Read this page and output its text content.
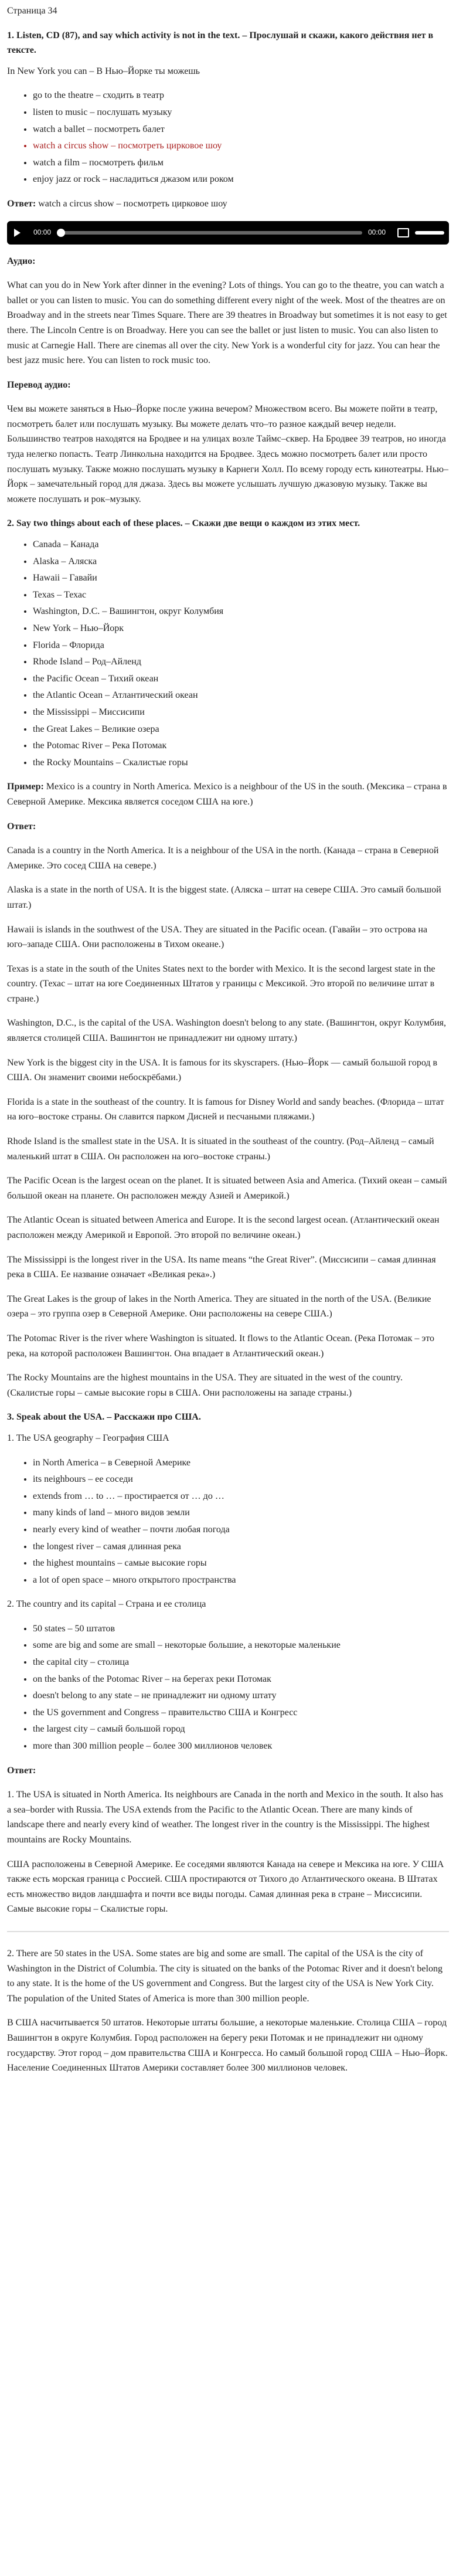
Страница 34
1. Listen, CD (87), and say which activity is not in the text. – Прослушай и скажи, какого действия нет в тексте.

In New York you can – В Нью–Йорке ты можешь

• go to the theatre – сходить в театр
• listen to music – послушать музыку
• watch a ballet – посмотреть балет
• watch a circus show – посмотреть цирковое шоу
• watch a film – посмотреть фильм
• enjoy jazz or rock – насладиться джазом или роком

Ответ: watch a circus show – посмотреть цирковое шоу

00:00	00:00

Аудио:

What can you do in New York after dinner in the evening? Lots of things. You can go to the theatre, you can watch a ballet or you can listen to music. You can do something different every night of the week. Most of the theatres are on Broadway and in the streets near Times Square. There are 39 theatres in Broadway but sometimes it is not easy to get there. The Lincoln Centre is on Broadway. Here you can see the ballet or just listen to music. You can also listen to music at Carnegie Hall. There are cinemas all over the city. New York is a wonderful city for jazz. You can hear the best jazz music here. You can listen to rock music too.

Перевод аудио:

Чем вы можете заняться в Нью–Йорке после ужина вечером? Множеством всего. Вы можете пойти в театр, посмотреть балет или послушать музыку. Вы можете делать что–то разное каждый вечер недели. Большинство театров находятся на Бродвее и на улицах возле Таймс–сквер. На Бродвее 39 театров, но иногда туда нелегко попасть. Театр Линкольна находится на Бродвее. Здесь можно посмотреть балет или просто послушать музыку. Также можно послушать музыку в Карнеги Холл. По всему городу есть кинотеатры. Нью–Йорк – замечательный город для джаза. Здесь вы можете услышать лучшую джазовую музыку. Также вы можете послушать и рок–музыку.

2. Say two things about each of these places. – Скажи две вещи о каждом из этих мест.
• Canada – Канада
• Alaska – Аляска
• Hawaii – Гавайи
• Texas – Техас
• Washington, D.C. – Вашингтон, округ Колумбия
• New York – Нью–Йорк
• Florida – Флорида
• Rhode Island – Род–Айленд
• the Pacific Ocean – Тихий океан
• the Atlantic Ocean – Атлантический океан
• the Mississippi – Миссисипи
• the Great Lakes – Великие озера
• the Potomac River – Река Потомак
• the Rocky Mountains – Скалистые горы

Пример: Mexico is a country in North America. Mexico is a neighbour of the US in the south. (Мексика – страна в Северной Америке. Мексика является соседом США на юге.)

Ответ:

Canada is a country in the North America. It is a neighbour of the USA in the north. (Канада – страна в Северной Америке. Это сосед США на севере.)

Alaska is a state in the north of USA. It is the biggest state. (Аляска – штат на севере США. Это самый большой штат.)

Hawaii is islands in the southwest of the USA. They are situated in the Pacific ocean. (Гавайи – это острова на юго–западе США. Они расположены в Тихом океане.)

Texas is a state in the south of the Unites States next to the border with Mexico. It is the second largest state in the country. (Техас – штат на юге Соединенных Штатов у границы с Мексикой. Это второй по величине штат в стране.)

Washington, D.C., is the capital of the USA. Washington doesn't belong to any state. (Вашингтон, округ Колумбия, является столицей США. Вашингтон не принадлежит ни одному штату.)

New York is the biggest city in the USA. It is famous for its skyscrapers. (Нью–Йорк — самый большой город в США. Он знаменит своими небоскрёбами.)

Florida is a state in the southeast of the country. It is famous for Disney World and sandy beaches. (Флорида – штат на юго–востоке страны. Он славится парком Дисней и песчаными пляжами.)

Rhode Island is the smallest state in the USA. It is situated in the southeast of the country. (Род–Айленд – самый маленький штат в США. Он расположен на юго–востоке страны.)

The Pacific Ocean is the largest ocean on the planet. It is situated between Asia and America. (Тихий океан – самый большой океан на планете. Он расположен между Азией и Америкой.)

The Atlantic Ocean is situated between America and Europe. It is the second largest ocean. (Атлантический океан расположен между Америкой и Европой. Это второй по величине океан.)

The Mississippi is the longest river in the USA. Its name means “the Great River”. (Миссисипи – самая длинная река в США. Ее название означает «Великая река».)

The Great Lakes is the group of lakes in the North America. They are situated in the north of the USA. (Великие озера – это группа озер в Северной Америке. Они расположены на севере США.)

The Potomac River is the river where Washington is situated. It flows to the Atlantic Ocean. (Река Потомак – это река, на которой расположен Вашингтон. Она впадает в Атлантический океан.)

The Rocky Mountains are the highest mountains in the USA. They are situated in the west of the country. (Скалистые горы – самые высокие горы в США. Они расположены на западе страны.)

3. Speak about the USA. – Расскажи про США.

1. The USA geography – География США

• in North America – в Северной Америке
• its neighbours – ее соседи
• extends from … to … – простирается от … до …
• many kinds of land – много видов земли
• nearly every kind of weather – почти любая погода
• the longest river – самая длинная река
• the highest mountains – самые высокие горы
• a lot of open space – много открытого пространства

2. The country and its capital – Страна и ее столица

• 50 states – 50 штатов
• some are big and some are small – некоторые большие, а некоторые маленькие
• the capital city – столица
• on the banks of the Potomac River – на берегах реки Потомак
• doesn't belong to any state – не принадлежит ни одному штату
• the US government and Congress – правительство США и Конгресс
• the largest city – самый большой город
• more than 300 million people – более 300 миллионов человек

Ответ:

1. The USA is situated in North America. Its neighbours are Canada in the north and Mexico in the south. It also has a sea–border with Russia. The USA extends from the Pacific to the Atlantic Ocean. There are many kinds of landscape there and nearly every kind of weather. The longest river in the country is the Mississippi. The highest mountains are Rocky Mountains.

США расположены в Северной Америке. Ее соседями являются Канада на севере и Мексика на юге. У США также есть морская граница с Россией. США простираются от Тихого до Атлантического океана. В Штатах есть множество видов ландшафта и почти все виды погоды. Самая длинная река в стране – Миссисипи. Самые высокие горы – Скалистые горы.

2. There are 50 states in the USA. Some states are big and some are small. The capital of the USA is the city of Washington in the District of Columbia. The city is situated on the banks of the Potomac River and it doesn't belong to any state. It is the home of the US government and Congress. But the largest city of the USA is New York City. The population of the United States of America is more than 300 million people.

В США насчитывается 50 штатов. Некоторые штаты большие, а некоторые маленькие. Столица США – город Вашингтон в округе Колумбия. Город расположен на берегу реки Потомак и не принадлежит ни одному государству. Этот город – дом правительства США и Конгресса. Но самый большой город США – Нью–Йорк. Население Соединенных Штатов Америки составляет более 300 миллионов человек.
